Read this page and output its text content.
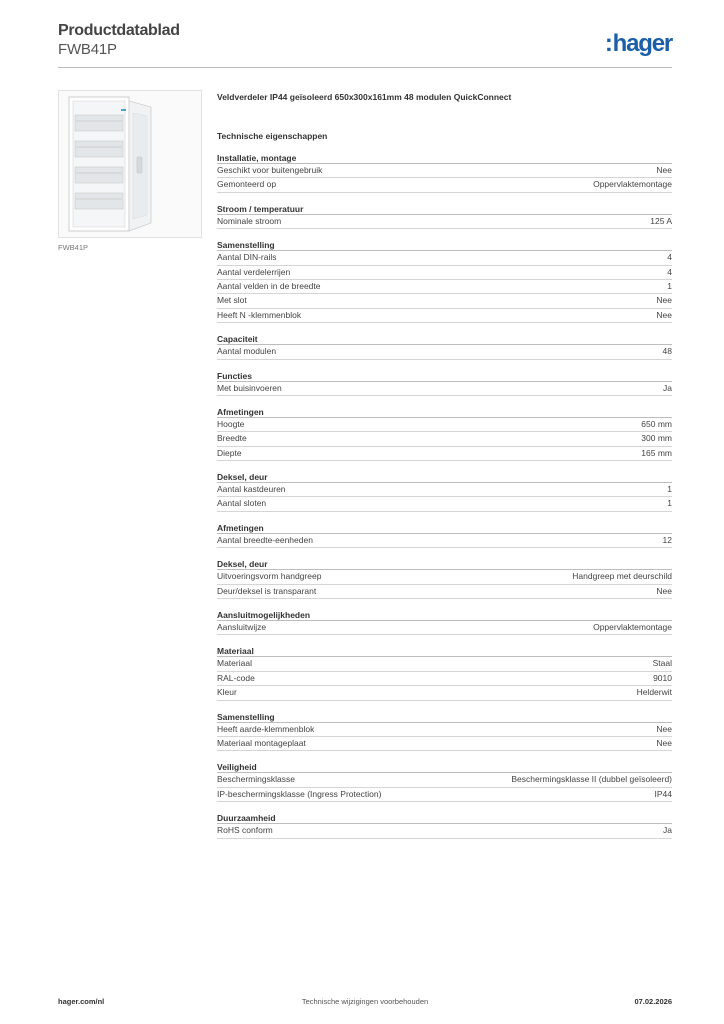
Productdatablad
FWB41P	:hager
FWB41P
Veldverdeler IP44 geïsoleerd 650x300x161mm 48 modulen QuickConnect
Technische eigenschappen
Installatie, montage
Geschikt voor buitengebruik	Nee
Gemonteerd op	Oppervlaktemontage
Stroom / temperatuur
Nominale stroom	125 A
Samenstelling
Aantal DIN-rails	4
Aantal verdelerrijen	4
Aantal velden in de breedte	1
Met slot	Nee
Heeft N -klemmenblok	Nee
Capaciteit
Aantal modulen	48
Functies
Met buisinvoeren	Ja
Afmetingen
Hoogte	650 mm
Breedte	300 mm
Diepte	165 mm
Deksel, deur
Aantal kastdeuren	1
Aantal sloten	1
Afmetingen
Aantal breedte-eenheden	12
Deksel, deur
Uitvoeringsvorm handgreep	Handgreep met deurschild
Deur/deksel is transparant	Nee
Aansluitmogelijkheden
Aansluitwijze	Oppervlaktemontage
Materiaal
Materiaal	Staal
RAL-code	9010
Kleur	Helderwit
Samenstelling
Heeft aarde-klemmenblok	Nee
Materiaal montageplaat	Nee
Veiligheid
Beschermingsklasse	Beschermingsklasse II (dubbel geïsoleerd)
IP-beschermingsklasse (Ingress Protection)	IP44
Duurzaamheid
RoHS conform	Ja
hager.com/nl	Technische wijzigingen voorbehouden	07.02.2026
